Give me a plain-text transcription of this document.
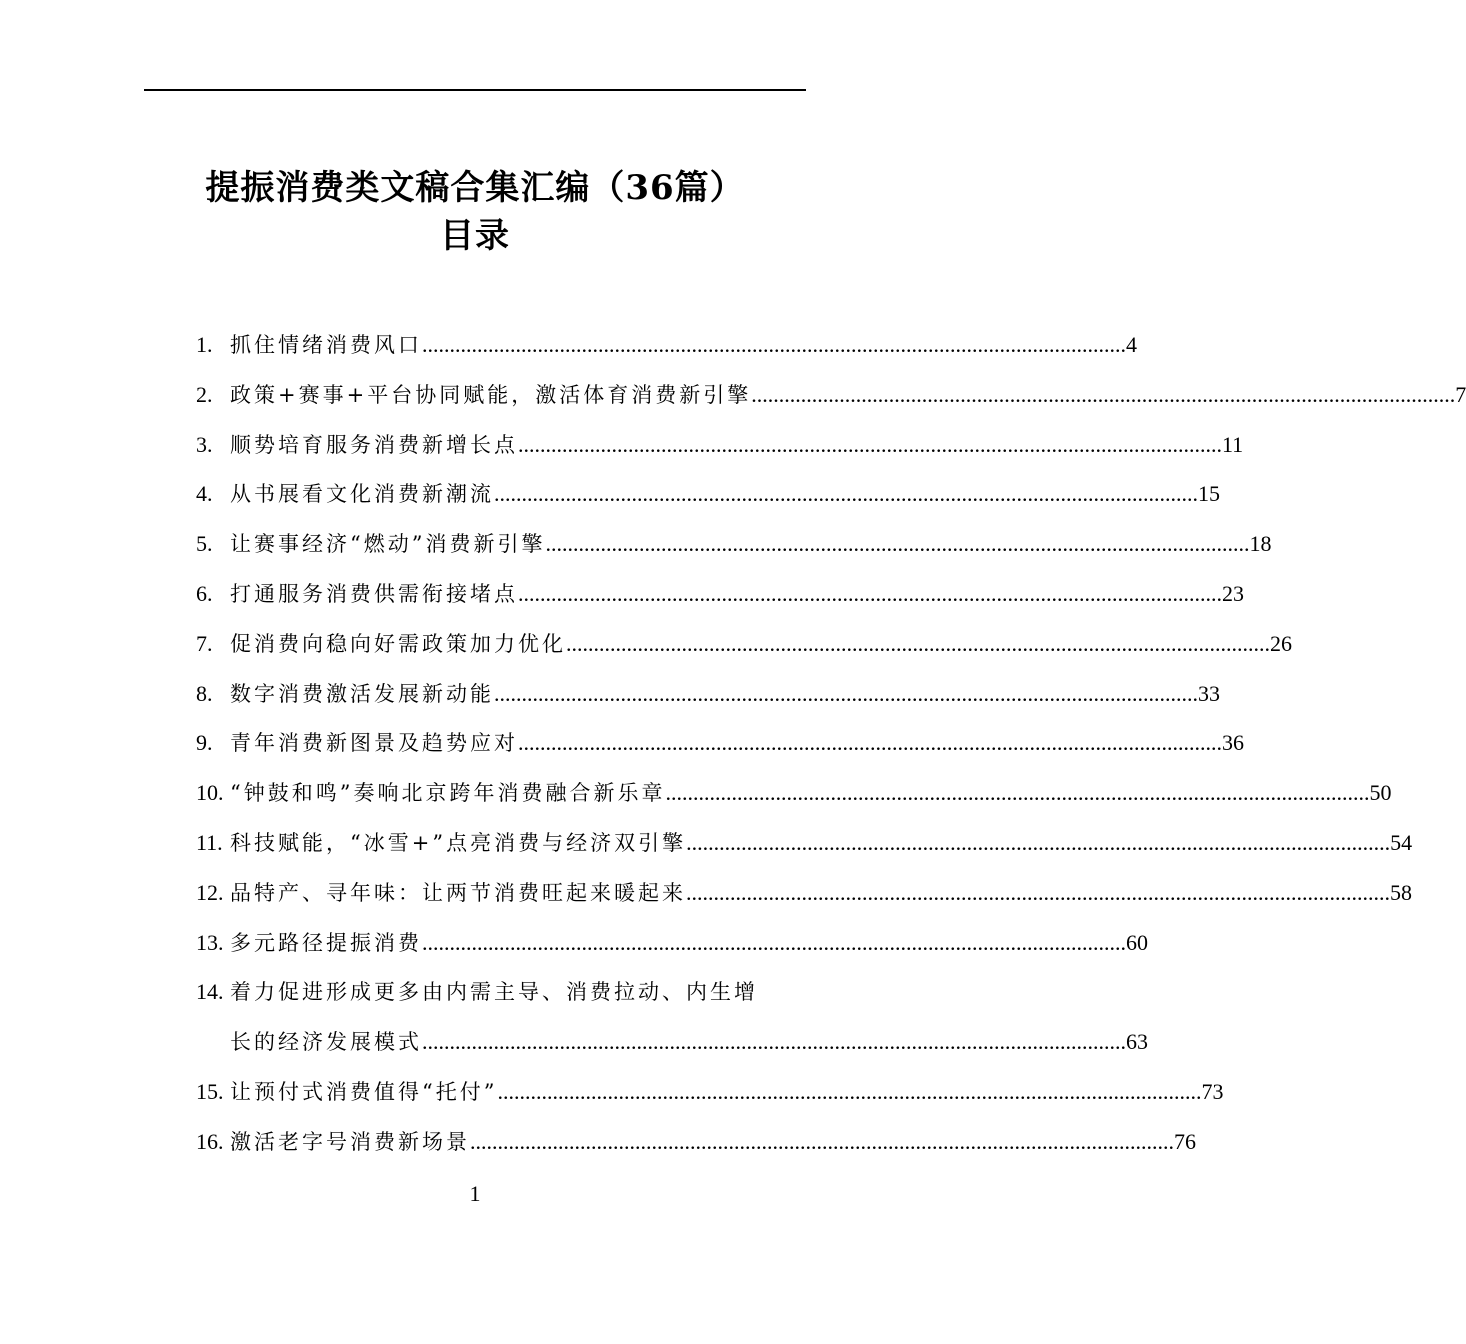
提振消费类文稿合集汇编（36篇）
目录
1. 抓住情绪消费风口 .....	4
2. 政策+赛事+平台协同赋能，激活体育消费新引擎 .....	7
3. 顺势培育服务消费新增长点 .....	11
4. 从书展看文化消费新潮流 .....	15
5. 让赛事经济“燃动”消费新引擎 .....	18
6. 打通服务消费供需衔接堵点 .....	23
7. 促消费向稳向好需政策加力优化 .....	26
8. 数字消费激活发展新动能 .....	33
9. 青年消费新图景及趋势应对 .....	36
10. “钟鼓和鸣”奏响北京跨年消费融合新乐章 .....	50
11. 科技赋能，“冰雪+”点亮消费与经济双引擎 .....	54
12. 品特产、寻年味：让两节消费旺起来暖起来 .....	58
13. 多元路径提振消费 .....	60
14. 着力促进形成更多由内需主导、消费拉动、内生增
长的经济发展模式 .....	63
15. 让预付式消费值得“托付” .....	73
16. 激活老字号消费新场景 .....	76
1
